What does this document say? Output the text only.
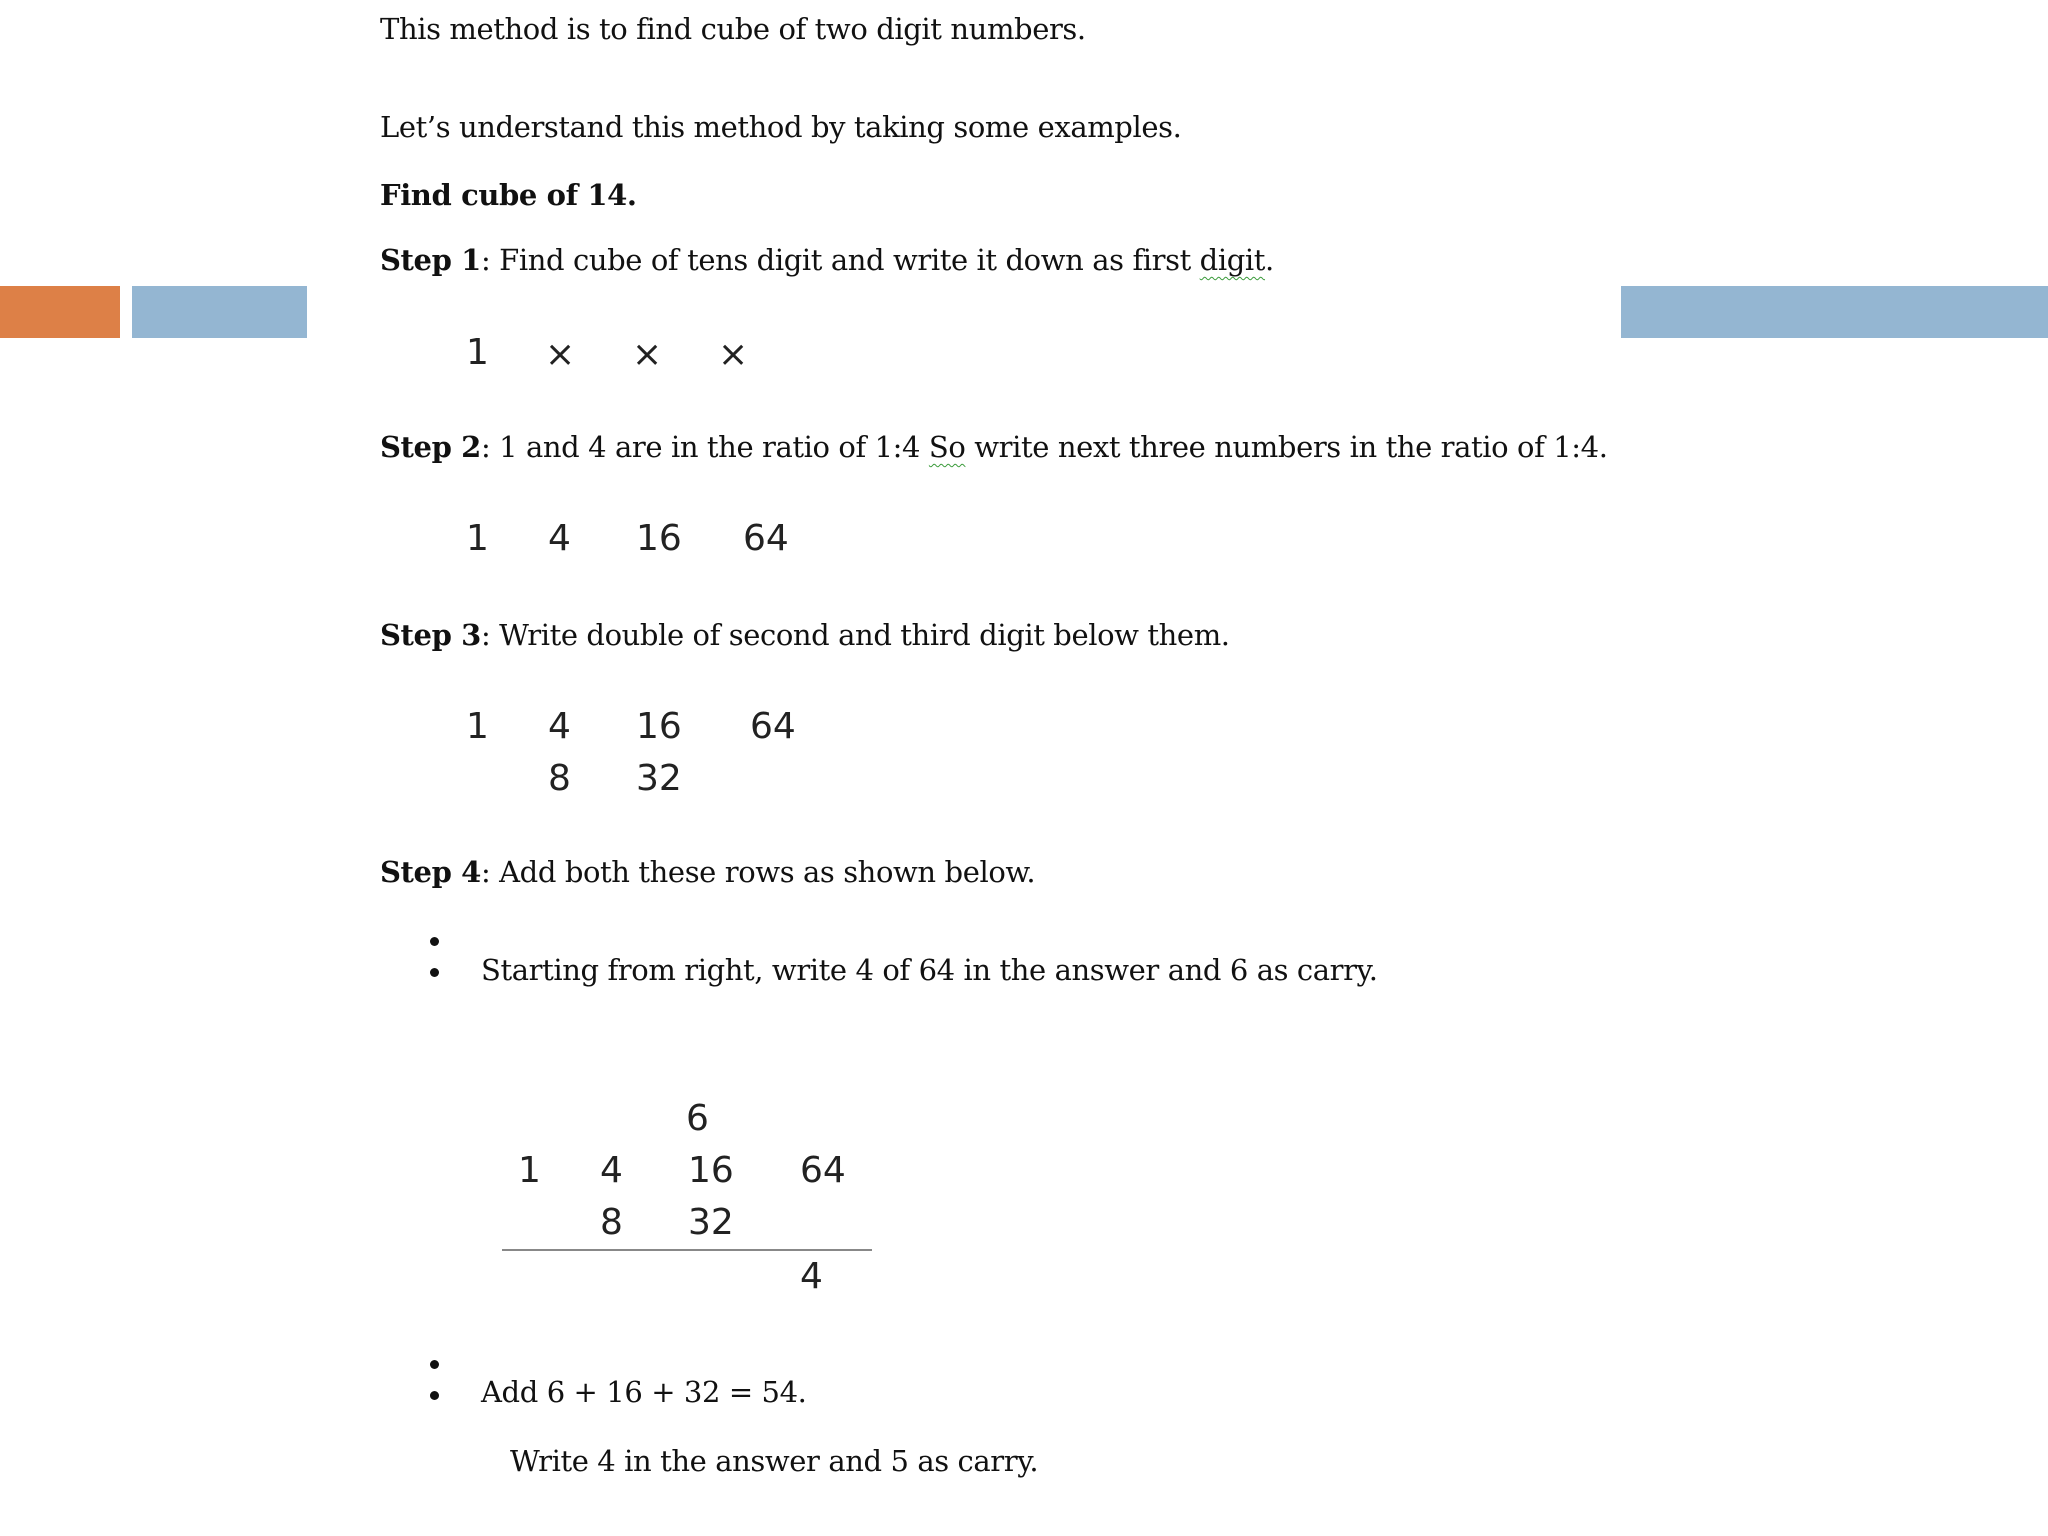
This method is to find cube of two digit numbers.
Let’s understand this method by taking some examples.
Find cube of 14.
Step 1: Find cube of tens digit and write it down as first digit.
1 × × ×
Step 2: 1 and 4 are in the ratio of 1:4 So write next three numbers in the ratio of 1:4.
1 4 16 64
Step 3: Write double of second and third digit below them.
1 4 16 64
8 32
Step 4: Add both these rows as shown below.
Starting from right, write 4 of 64 in the answer and 6 as carry.
6
1 4 16 64
8 32
4
Add 6 + 16 + 32 = 54.
Write 4 in the answer and 5 as carry.
